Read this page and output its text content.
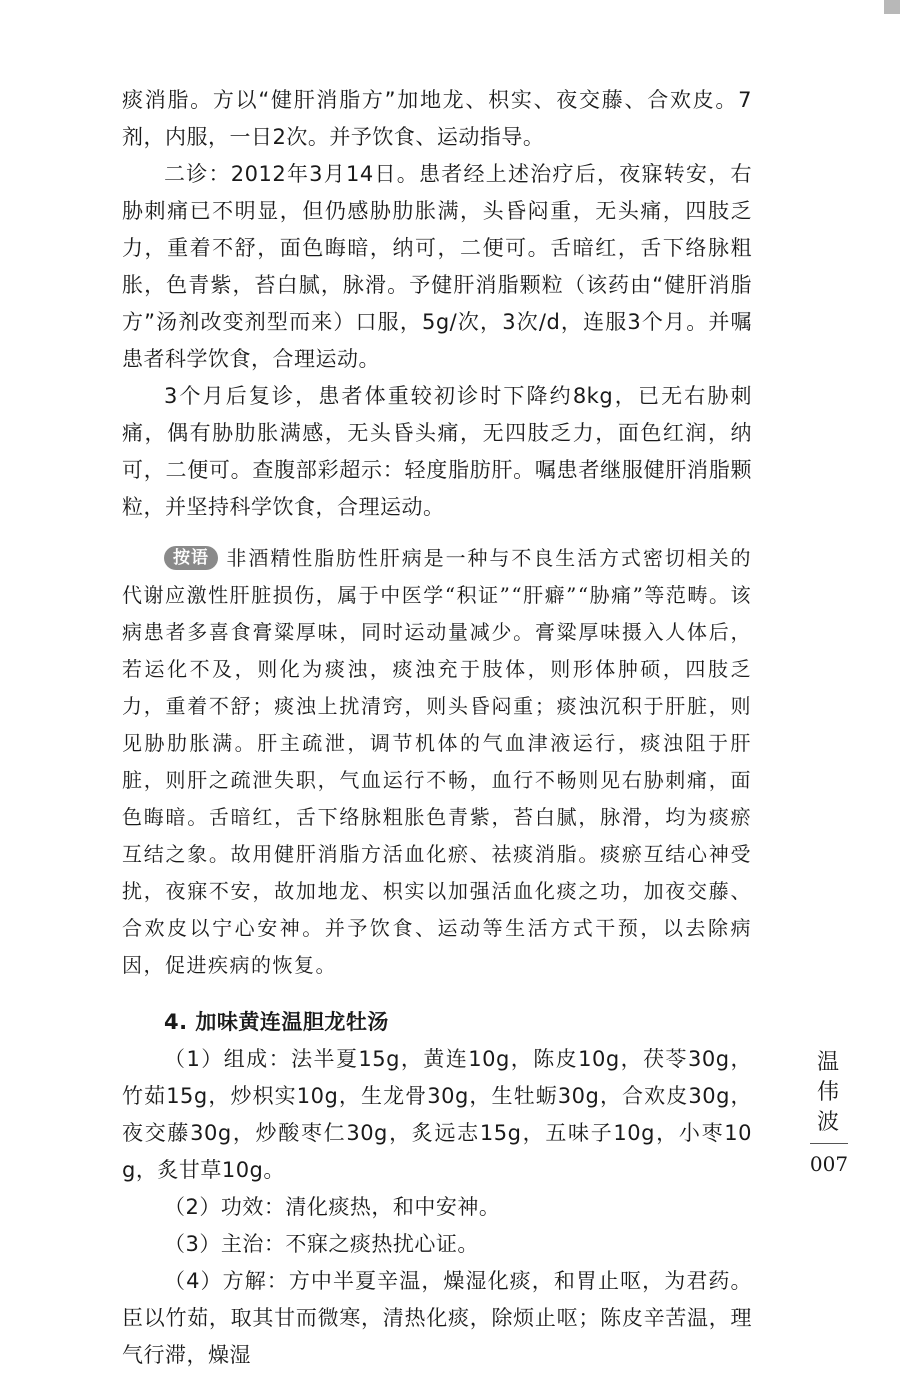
痰消脂。方以“健肝消脂方”加地龙、枳实、夜交藤、合欢皮。7剂，内服，一日2次。并予饮食、运动指导。

二诊：2012年3月14日。患者经上述治疗后，夜寐转安，右胁刺痛已不明显，但仍感胁肋胀满，头昏闷重，无头痛，四肢乏力，重着不舒，面色晦暗，纳可，二便可。舌暗红，舌下络脉粗胀，色青紫，苔白腻，脉滑。予健肝消脂颗粒（该药由“健肝消脂方”汤剂改变剂型而来）口服，5g/次，3次/d，连服3个月。并嘱患者科学饮食，合理运动。

3个月后复诊，患者体重较初诊时下降约8kg，已无右胁刺痛，偶有胁肋胀满感，无头昏头痛，无四肢乏力，面色红润，纳可，二便可。查腹部彩超示：轻度脂肪肝。嘱患者继服健肝消脂颗粒，并坚持科学饮食，合理运动。

按语 非酒精性脂肪性肝病是一种与不良生活方式密切相关的代谢应激性肝脏损伤，属于中医学“积证”“肝癖”“胁痛”等范畴。该病患者多喜食膏粱厚味，同时运动量减少。膏粱厚味摄入人体后，若运化不及，则化为痰浊，痰浊充于肢体，则形体肿硕，四肢乏力，重着不舒；痰浊上扰清窍，则头昏闷重；痰浊沉积于肝脏，则见胁肋胀满。肝主疏泄，调节机体的气血津液运行，痰浊阻于肝脏，则肝之疏泄失职，气血运行不畅，血行不畅则见右胁刺痛，面色晦暗。舌暗红，舌下络脉粗胀色青紫，苔白腻，脉滑，均为痰瘀互结之象。故用健肝消脂方活血化瘀、祛痰消脂。痰瘀互结心神受扰，夜寐不安，故加地龙、枳实以加强活血化痰之功，加夜交藤、合欢皮以宁心安神。并予饮食、运动等生活方式干预，以去除病因，促进疾病的恢复。

4. 加味黄连温胆龙牡汤

（1）组成：法半夏15g，黄连10g，陈皮10g，茯苓30g，竹茹15g，炒枳实10g，生龙骨30g，生牡蛎30g，合欢皮30g，夜交藤30g，炒酸枣仁30g，炙远志15g，五味子10g，小枣10g，炙甘草10g。

（2）功效：清化痰热，和中安神。

（3）主治：不寐之痰热扰心证。

（4）方解：方中半夏辛温，燥湿化痰，和胃止呕，为君药。臣以竹茹，取其甘而微寒，清热化痰，除烦止呕；陈皮辛苦温，理气行滞，燥湿

温
伟
波
007
